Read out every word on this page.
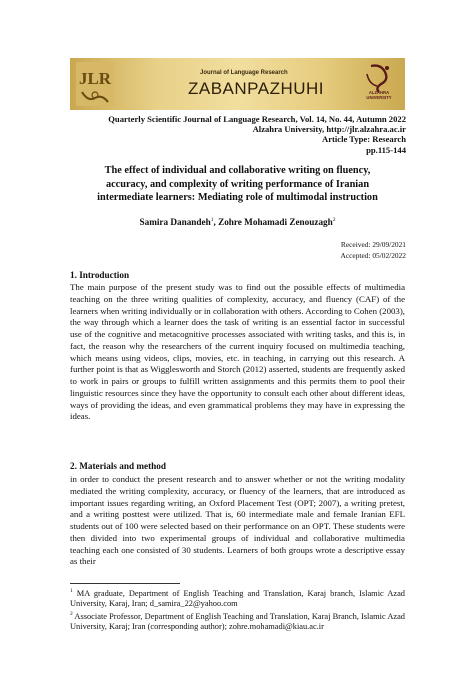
JLR	Journal of Language Research
ZABANPAZHUHI	ALZAHRA UNIVERSITY
Quarterly Scientific Journal of Language Research, Vol. 14, No. 44, Autumn 2022
Alzahra University, http://jlr.alzahra.ac.ir
Article Type: Research
pp.115-144
The effect of individual and collaborative writing on fluency,
accuracy, and complexity of writing performance of Iranian
intermediate learners: Mediating role of multimodal instruction
Samira Danandeh$^1$, Zohre Mohamadi Zenouzagh$^2$
Received: 29/09/2021
Accepted: 05/02/2022
1. Introduction
The main purpose of the present study was to find out the possible effects of multimedia teaching on the three writing qualities of complexity, accuracy, and fluency (CAF) of the learners when writing individually or in collaboration with others. According to Cohen (2003), the way through which a learner does the task of writing is an essential factor in successful use of the cognitive and metacognitive processes associated with writing tasks, and this is, in fact, the reason why the researchers of the current inquiry focused on multimedia teaching, which means using videos, clips, movies, etc. in teaching, in carrying out this research. A further point is that as Wigglesworth and Storch (2012) asserted, students are frequently asked to work in pairs or groups to fulfill written assignments and this permits them to pool their linguistic resources since they have the opportunity to consult each other about different ideas, ways of providing the ideas, and even grammatical problems they may have in expressing the ideas.
2. Materials and method
in order to conduct the present research and to answer whether or not the writing modality mediated the writing complexity, accuracy, or fluency of the learners, that are introduced as important issues regarding writing, an Oxford Placement Test (OPT; 2007), a writing pretest, and a writing posttest were utilized. That is, 60 intermediate male and female Iranian EFL students out of 100 were selected based on their performance on an OPT. These students were then divided into two experimental groups of individual and collaborative multimedia teaching each one consisted of 30 students. Learners of both groups wrote a descriptive essay as their

$^1$ MA graduate, Department of English Teaching and Translation, Karaj branch, Islamic Azad University, Karaj, Iran; d_samira_22@yahoo.com

$^2$ Associate Professor, Department of English Teaching and Translation, Karaj Branch, Islamic Azad University, Karaj; Iran (corresponding author); zohre.mohamadi@kiau.ac.ir
